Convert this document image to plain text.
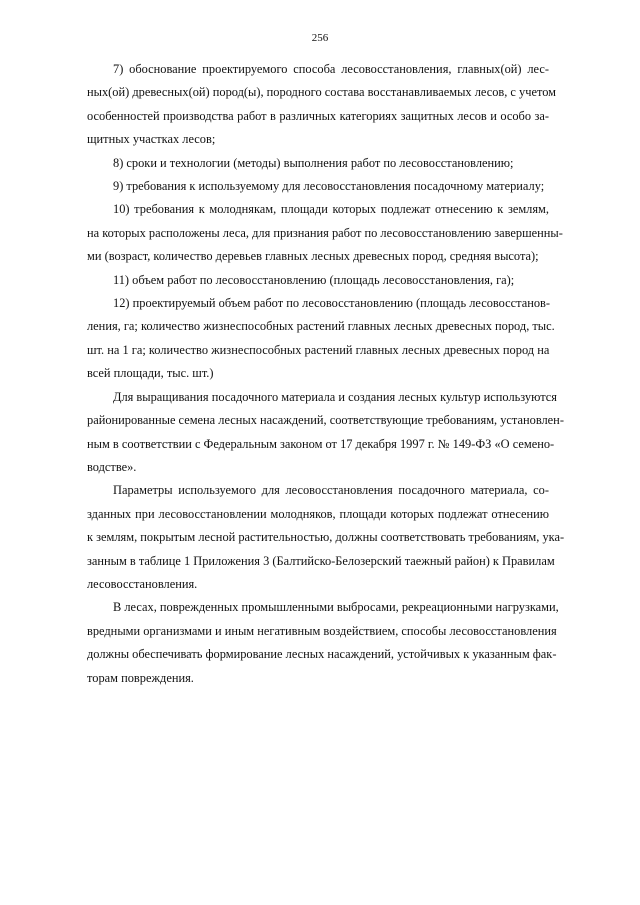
256

7) обоснование проектируемого способа лесовосстановления, главных(ой) лес-
ных(ой) древесных(ой) пород(ы), породного состава восстанавливаемых лесов, с учетом
особенностей производства работ в различных категориях защитных лесов и особо за-
щитных участках лесов;

8) сроки и технологии (методы) выполнения работ по лесовосстановлению;

9) требования к используемому для лесовосстановления посадочному материалу;

10) требования к молоднякам, площади которых подлежат отнесению к землям,
на которых расположены леса, для признания работ по лесовосстановлению завершенны-
ми (возраст, количество деревьев главных лесных древесных пород, средняя высота);

11) объем работ по лесовосстановлению (площадь лесовосстановления, га);

12) проектируемый объем работ по лесовосстановлению (площадь лесовосстанов-
ления, га; количество жизнеспособных растений главных лесных древесных пород, тыс.
шт. на 1 га; количество жизнеспособных растений главных лесных древесных пород на
всей площади, тыс. шт.)

Для выращивания посадочного материала и создания лесных культур используются
районированные семена лесных насаждений, соответствующие требованиям, установлен-
ным в соответствии с Федеральным законом от 17 декабря 1997 г. № 149-ФЗ «О семено-
водстве».

Параметры используемого для лесовосстановления посадочного материала, со-
зданных при лесовосстановлении молодняков, площади которых подлежат отнесению
к землям, покрытым лесной растительностью, должны соответствовать требованиям, ука-
занным в таблице 1 Приложения 3 (Балтийско-Белозерский таежный район) к Правилам
лесовосстановления.

В лесах, поврежденных промышленными выбросами, рекреационными нагрузками,
вредными организмами и иным негативным воздействием, способы лесовосстановления
должны обеспечивать формирование лесных насаждений, устойчивых к указанным фак-
торам повреждения.
